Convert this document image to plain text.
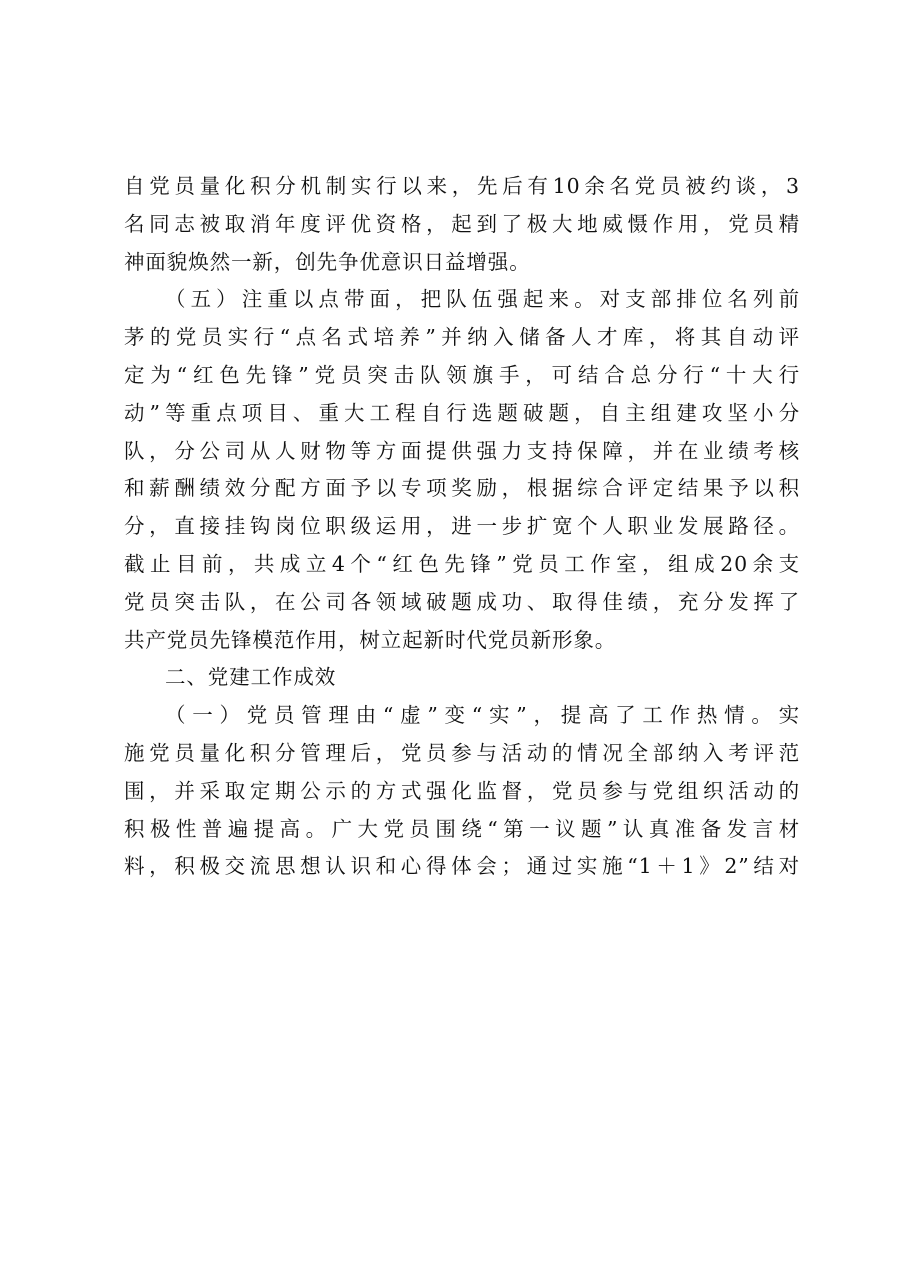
自党员量化积分机制实行以来，先后有10余名党员被约谈，3
名同志被取消年度评优资格，起到了极大地威慑作用，党员精
神面貌焕然一新，创先争优意识日益增强。

（五）注重以点带面，把队伍强起来。对支部排位名列前
茅的党员实行“点名式培养”并纳入储备人才库，将其自动评
定为“红色先锋”党员突击队领旗手，可结合总分行“十大行
动”等重点项目、重大工程自行选题破题，自主组建攻坚小分
队，分公司从人财物等方面提供强力支持保障，并在业绩考核
和薪酬绩效分配方面予以专项奖励，根据综合评定结果予以积
分，直接挂钩岗位职级运用，进一步扩宽个人职业发展路径。
截止目前，共成立4个“红色先锋”党员工作室，组成20余支
党员突击队，在公司各领域破题成功、取得佳绩，充分发挥了
共产党员先锋模范作用，树立起新时代党员新形象。

二、党建工作成效

（一）党员管理由“虚”变“实”，提高了工作热情。实
施党员量化积分管理后，党员参与活动的情况全部纳入考评范
围，并采取定期公示的方式强化监督，党员参与党组织活动的
积极性普遍提高。广大党员围绕“第一议题”认真准备发言材
料，积极交流思想认识和心得体会；通过实施“1＋1》2”结对
